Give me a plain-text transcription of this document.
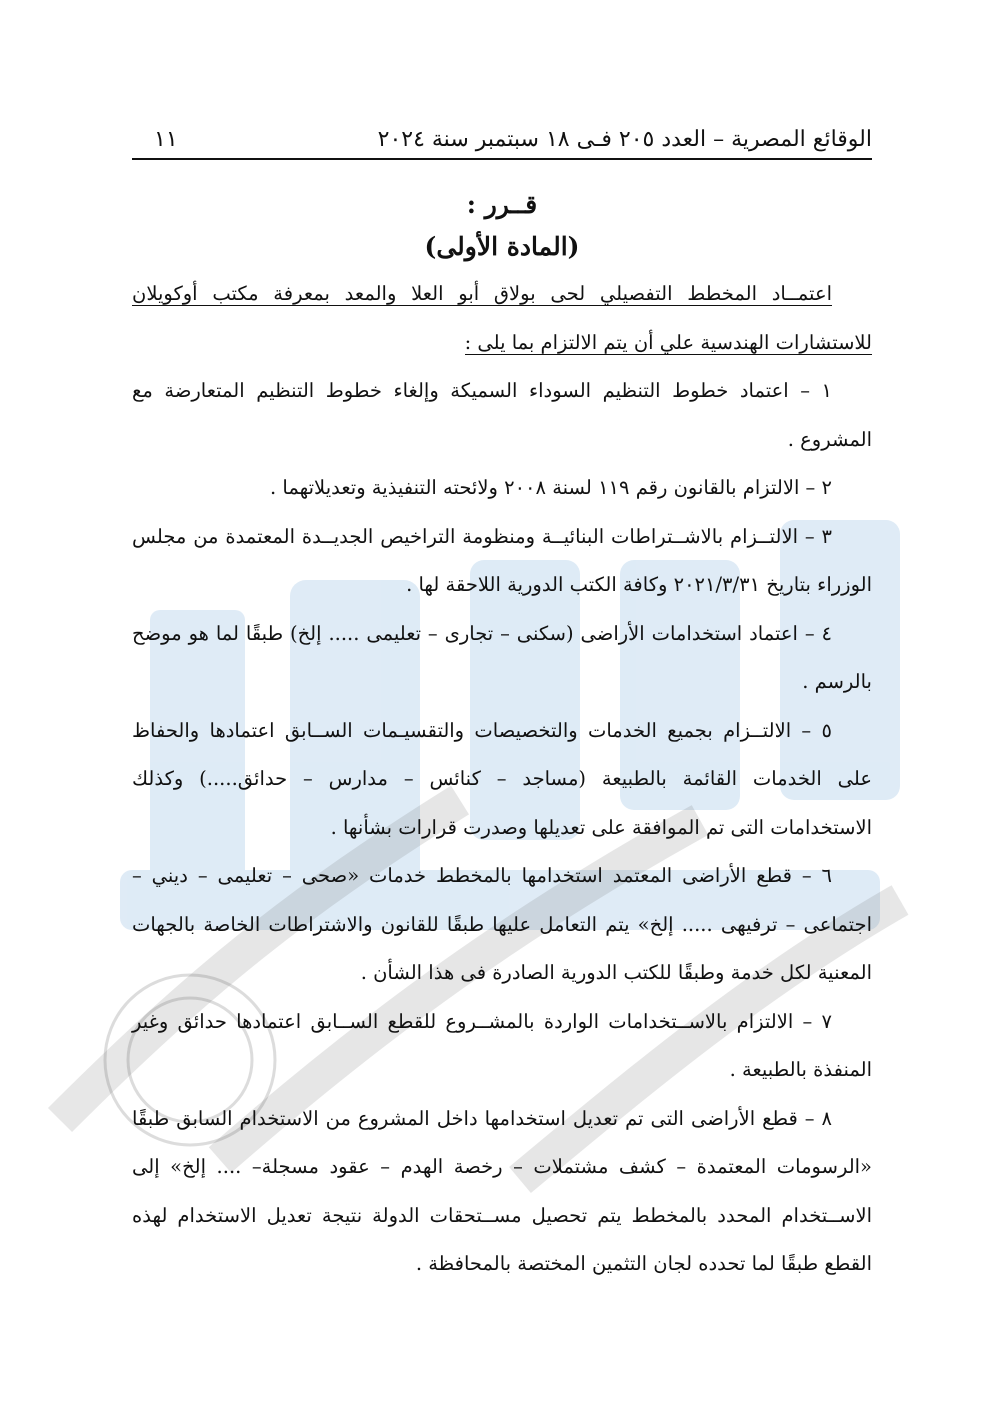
الوقائع المصرية – العدد ٢٠٥ فـى ١٨ سبتمبر سنة ٢٠٢٤
١١
قــرر :
(المادة الأولى)

اعتمــاد المخطط التفصيلي لحى بولاق أبو العلا والمعد بمعرفة مكتب أوكويلان للاستشارات الهندسية علي أن يتم الالتزام بما يلى :

١ – اعتماد خطوط التنظيم السوداء السميكة وإلغاء خطوط التنظيم المتعارضة مع المشروع .

٢ – الالتزام بالقانون رقم ١١٩ لسنة ٢٠٠٨ ولائحته التنفيذية وتعديلاتهما .

٣ – الالتــزام بالاشــتراطات البنائيــة ومنظومة التراخيص الجديــدة المعتمدة من مجلس الوزراء بتاريخ ٢٠٢١/٣/٣١ وكافة الكتب الدورية اللاحقة لها .

٤ – اعتماد استخدامات الأراضى (سكنى – تجارى – تعليمى ..... إلخ) طبقًا لما هو موضح بالرسم .

٥ – الالتــزام بجميع الخدمات والتخصيصات والتقسيـمات الســابق اعتمادها والحفاظ على الخدمات القائمة بالطبيعة (مساجد – كنائس – مدارس – حدائق.....) وكذلك الاستخدامات التى تم الموافقة على تعديلها وصدرت قرارات بشأنها .

٦ – قطع الأراضى المعتمد استخدامها بالمخطط خدمات «صحى – تعليمى – ديني – اجتماعى – ترفيهى ..... إلخ» يتم التعامل عليها طبقًا للقانون والاشتراطات الخاصة بالجهات المعنية لكل خدمة وطبقًا للكتب الدورية الصادرة فى هذا الشأن .

٧ – الالتزام بالاســتخدامات الواردة بالمشــروع للقطع الســابق اعتمادها حدائق وغير المنفذة بالطبيعة .

٨ – قطع الأراضى التى تم تعديل استخدامها داخل المشروع من الاستخدام السابق طبقًا «الرسومات المعتمدة – كشف مشتملات – رخصة الهدم – عقود مسجلة– .... إلخ» إلى الاســتخدام المحدد بالمخطط يتم تحصيل مســتحقات الدولة نتيجة تعديل الاستخدام لهذه القطع طبقًا لما تحدده لجان التثمين المختصة بالمحافظة .
